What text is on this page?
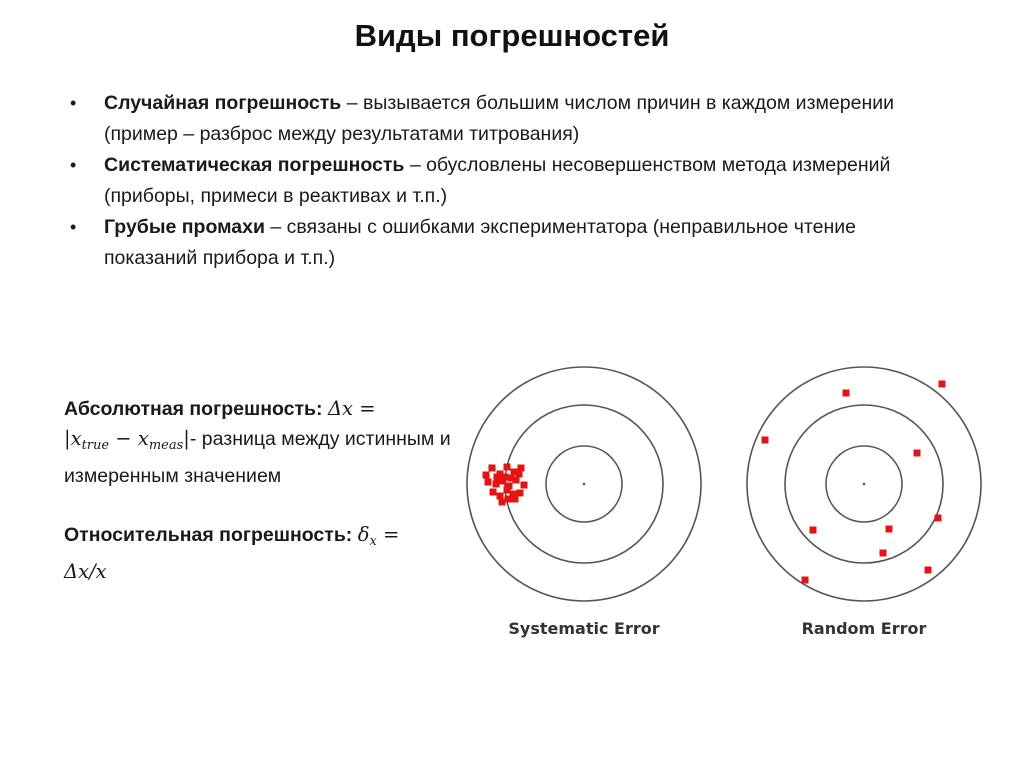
Виды погрешностей
• Случайная погрешность – вызывается большим числом причин в каждом измерении (пример – разброс между результатами титрования)
• Систематическая погрешность – обусловлены несовершенством метода измерений (приборы, примеси в реактивах и т.п.)
• Грубые промахи – связаны с ошибками экспериментатора (неправильное чтение показаний прибора и т.п.)
Абсолютная погрешность: Δx =
$|x_{true} - x_{meas}|-$ разница между истинным и измеренным значением
Относительная погрешность: $\delta_x$ =
Δx/x
Systematic Error	Random Error
